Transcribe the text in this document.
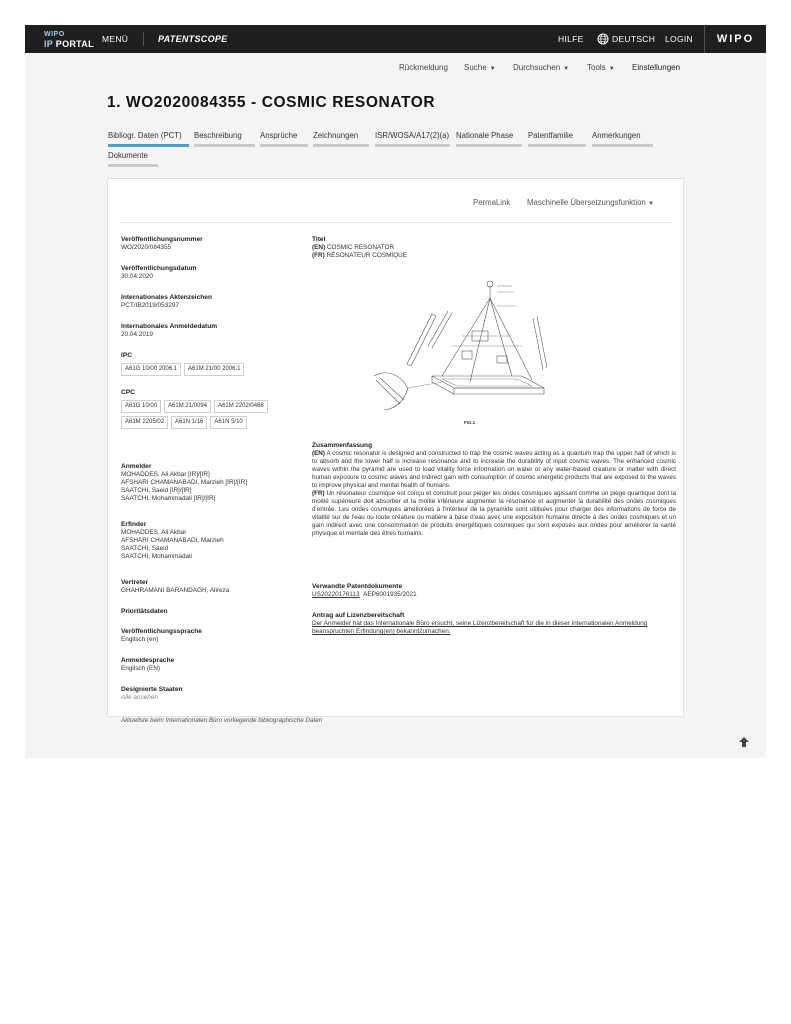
WIPO
IP PORTAL MENÜ	PATENTSCOPE	HILFE	DEUTSCH LOGIN	WIPO
Rückmeldung Suche ▼ Durchsuchen ▼ Tools ▼ Einstellungen
1. WO2020084355 - COSMIC RESONATOR
Bibliogr. Daten (PCT)	Beschreibung	Ansprüche	Zeichnungen	ISR/WOSA/A17(2)(a) Nationale Phase	Patentfamilie	Anmerkungen
Dokumente
PermaLink Maschinelle Übersetzungsfunktion ▼
Veröffentlichungsnummer
WO/2020/084355
Veröffentlichungsdatum
30.04.2020
Internationales Aktenzeichen
PCT/IB2019/053297
Internationales Anmeldedatum
20.04.2019
IPC
A61G 10/00 2006.1	A61M 21/00 2006.1
CPC
A61G 10/00	A61M 21/0094	A61M 2202/0468
A61M 2205/02	A61N 1/16	A61N 5/10
Anmelder
MOHADDES, Ali Akbar [IR]/[IR]
AFSHARI CHAMANABADI, Marzieh [IR]/[IR]
SAATCHI, Saeid [IR]/[IR]
SAATCHI, Mohammadali [IR]/[IR]
Erfinder
MOHADDES, Ali Akbar
AFSHARI CHAMANABADI, Marzieh
SAATCHI, Saeid
SAATCHI, Mohammadali
Vertreter
GHAHRAMANI BARANDAGH, Alireza
Prioritätsdaten
Veröffentlichungssprache
Englisch (en)
Anmeldesprache
Englisch (EN)
Designierte Staaten
Alle ansehen
Aktuellste beim Internationalen Büro vorliegende bibliographische Daten
Titel
(EN) COSMIC RESONATOR
(FR) RÉSONATEUR COSMIQUE
FIG.1
Zusammenfassung
(EN) A cosmic resonator is designed and constructed to trap the cosmic waves acting as a quantum trap the upper half of which is to absorb and the lower half is increase resonance and to increase the durability of input cosmic waves. The enhanced cosmic waves within the pyramid are used to load vitality force information on water or any water-based creature or matter with direct human exposure to cosmic waves and indirect gain with consumption of cosmic energetic products that are exposed to the waves to improve physical and mental health of humans.
(FR) Un résonateur cosmique est conçu et construit pour piéger les ondes cosmiques agissant comme un piège quantique dont la moitié supérieure doit absorber et la moitié inférieure augmenter la résonance et augmenter la durabilité des ondes cosmiques d'entrée. Les ondes cosmiques améliorées à l'intérieur de la pyramide sont utilisées pour charger des informations de force de vitalité sur de l'eau ou toute créature ou matière à base d'eau avec une exposition humaine directe à des ondes cosmiques et un gain indirect avec une consommation de produits énergétiques cosmiques qui sont exposés aux ondes pour améliorer la santé physique et mentale des êtres humains.
Verwandte Patentdokumente
US20220176113 AEP6001935/2021
Antrag auf Lizenzbereitschaft
Der Anmelder hat das Internationale Büro ersucht, seine Lizenzbereitschaft für die in dieser internationalen Anmeldung beanspruchten Erfindung(en) bekanntzumachen.
